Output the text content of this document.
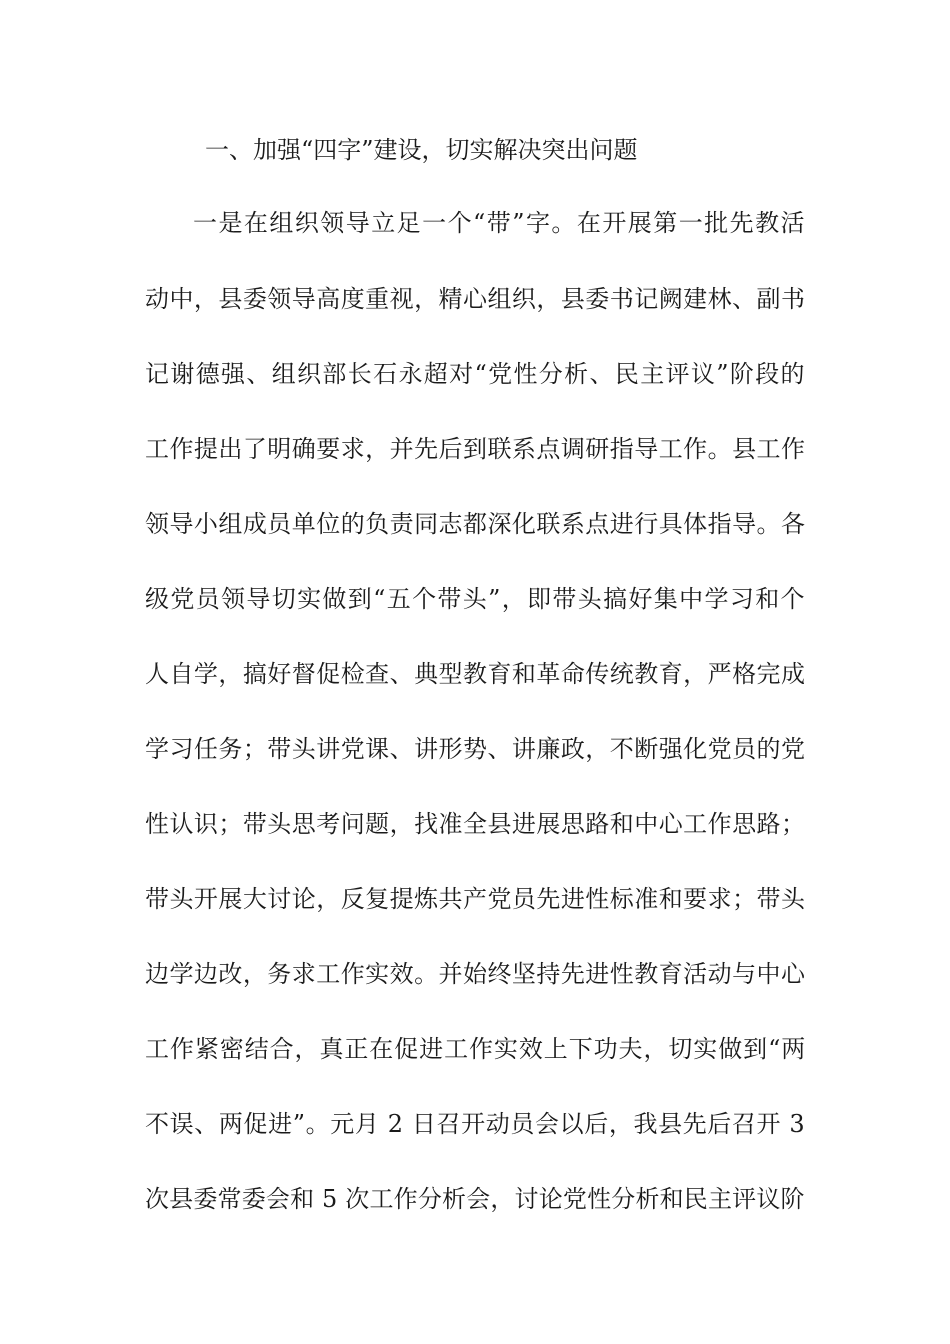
一、加强“四字”建设，切实解决突出问题
一是在组织领导立足一个“带”字。在开展第一批先教活
动中，县委领导高度重视，精心组织，县委书记阙建林、副书
记谢德强、组织部长石永超对“党性分析、民主评议”阶段的
工作提出了明确要求，并先后到联系点调研指导工作。县工作
领导小组成员单位的负责同志都深化联系点进行具体指导。各
级党员领导切实做到“五个带头”，即带头搞好集中学习和个
人自学，搞好督促检查、典型教育和革命传统教育，严格完成
学习任务；带头讲党课、讲形势、讲廉政，不断强化党员的党
性认识；带头思考问题，找准全县进展思路和中心工作思路；
带头开展大讨论，反复提炼共产党员先进性标准和要求；带头
边学边改，务求工作实效。并始终坚持先进性教育活动与中心
工作紧密结合，真正在促进工作实效上下功夫，切实做到“两
不误、两促进”。元月 2 日召开动员会以后，我县先后召开 3
次县委常委会和 5 次工作分析会，讨论党性分析和民主评议阶
